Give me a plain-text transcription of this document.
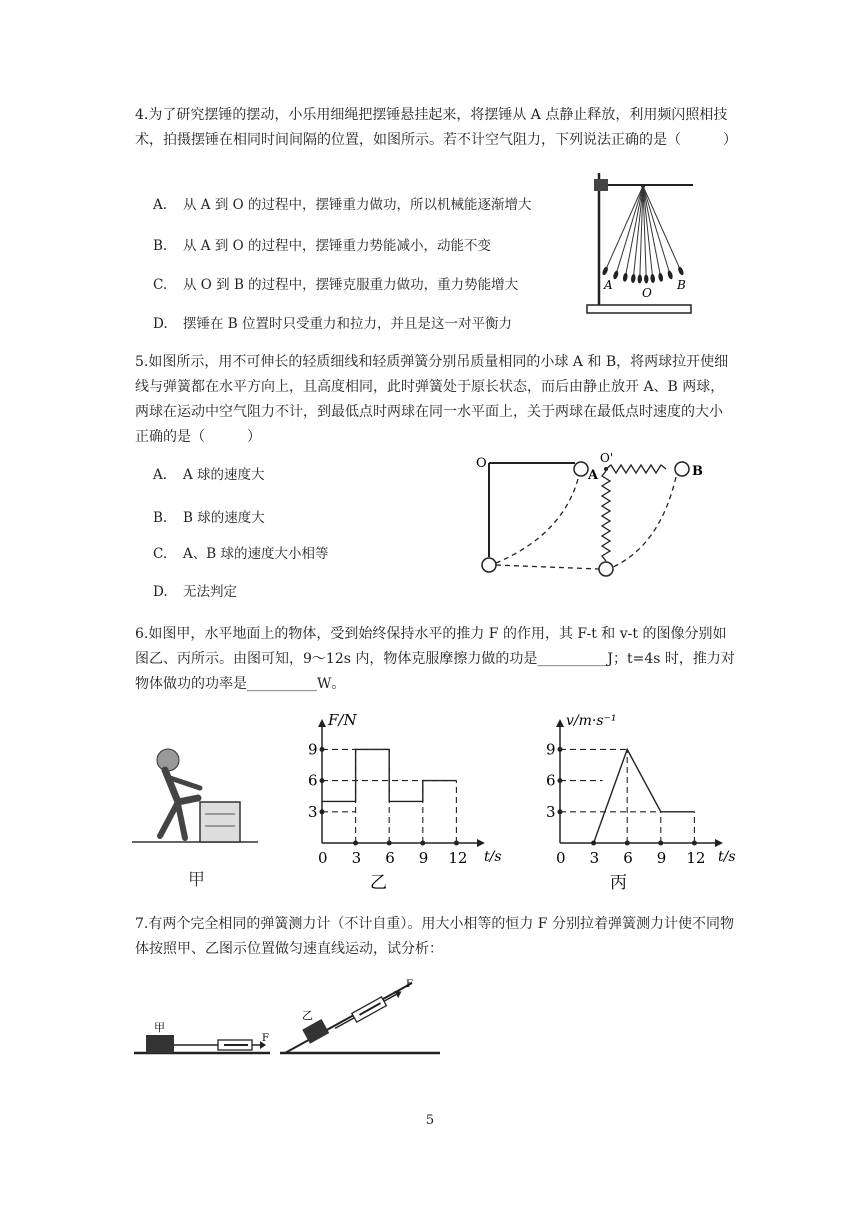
4.为了研究摆锤的摆动，小乐用细绳把摆锤悬挂起来，将摆锤从 A 点静止释放，利用频闪照相技术，拍摄摆锤在相同时间间隔的位置，如图所示。若不计空气阻力，下列说法正确的是（　　　）
A. 从 A 到 O 的过程中，摆锤重力做功，所以机械能逐渐增大
B. 从 A 到 O 的过程中，摆锤重力势能减小，动能不变
C. 从 O 到 B 的过程中，摆锤克服重力做功，重力势能增大
D. 摆锤在 B 位置时只受重力和拉力，并且是这一对平衡力
A
O
B
5.如图所示，用不可伸长的轻质细线和轻质弹簧分别吊质量相同的小球 A 和 B，将两球拉开使细线与弹簧都在水平方向上，且高度相同，此时弹簧处于原长状态，而后由静止放开 A、B 两球，两球在运动中空气阻力不计，到最低点时两球在同一水平面上，关于两球在最低点时速度的大小正确的是（　　　）
A. A 球的速度大
B. B 球的速度大
C. A、B 球的速度大小相等
D. 无法判定
O
A
O'
B
6.如图甲，水平地面上的物体，受到始终保持水平的推力 F 的作用，其 F-t 和 v-t 的图像分别如图乙、丙所示。由图可知，9～12s 内，物体克服摩擦力做的功是__________J；t=4s 时，推力对物体做功的功率是__________W。
甲
F/N
t/s
乙
0 3 6 9 12
3
6
9
v/m·s⁻¹
t/s
丙
0 3 6 9 12
3
6
9
7.有两个完全相同的弹簧测力计（不计自重）。用大小相等的恒力 F 分别拉着弹簧测力计使不同物体按照甲、乙图示位置做匀速直线运动，试分析：
甲
F
乙
F
5
